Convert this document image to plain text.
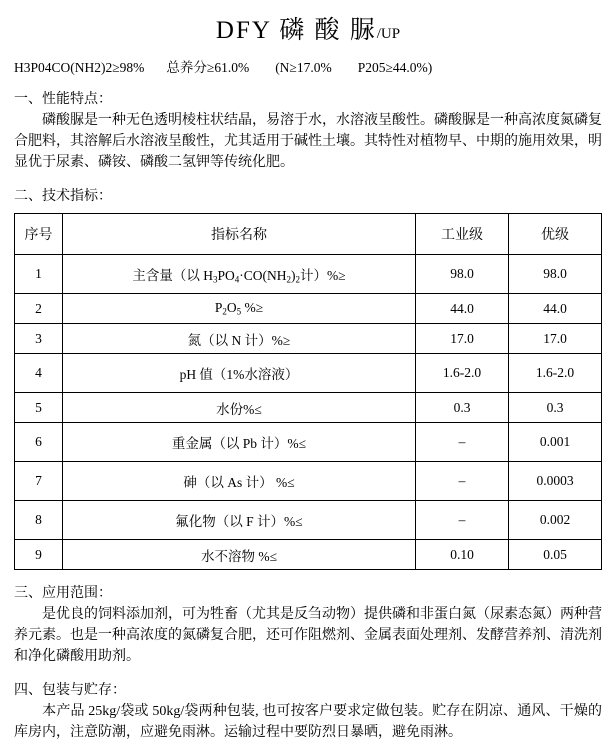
DFY 磷 酸 脲/UP
H3P04CO(NH2)2≥98% 总养分≥61.0% (N≥17.0% P205≥44.0%)
一、性能特点：
磷酸脲是一种无色透明棱柱状结晶，易溶于水，水溶液呈酸性。磷酸脲是一种高浓度氮磷复合肥料，其溶解后水溶液呈酸性，尤其适用于碱性土壤。其特性对植物早、中期的施用效果，明显优于尿素、磷铵、磷酸二氢钾等传统化肥。
二、技术指标：
序号	指标名称	工业级	优级
1	主含量（以 $H_3PO_4\cdot CO(NH_2)_2$计）%≥	98.0	98.0
2	$P_2O_5$ %≥	44.0	44.0
3	氮（以 N 计）%≥	17.0	17.0
4	pH 值（1%水溶液）	1.6-2.0	1.6-2.0
5	水份%≤	0.3	0.3
6	重金属（以 Pb 计）%≤	–	0.001
7	砷（以 As 计） %≤	–	0.0003
8	氟化物（以 F 计）%≤	–	0.002
9	水不溶物 %≤	0.10	0.05
三、应用范围：
是优良的饲料添加剂，可为牲畜（尤其是反刍动物）提供磷和非蛋白氮（尿素态氮）两种营养元素。也是一种高浓度的氮磷复合肥，还可作阻燃剂、金属表面处理剂、发酵营养剂、清洗剂和净化磷酸用助剂。
四、包装与贮存：
本产品 25kg/袋或 50kg/袋两种包装, 也可按客户要求定做包装。贮存在阴凉、通风、干燥的库房内，注意防潮，应避免雨淋。运输过程中要防烈日暴晒，避免雨淋。
